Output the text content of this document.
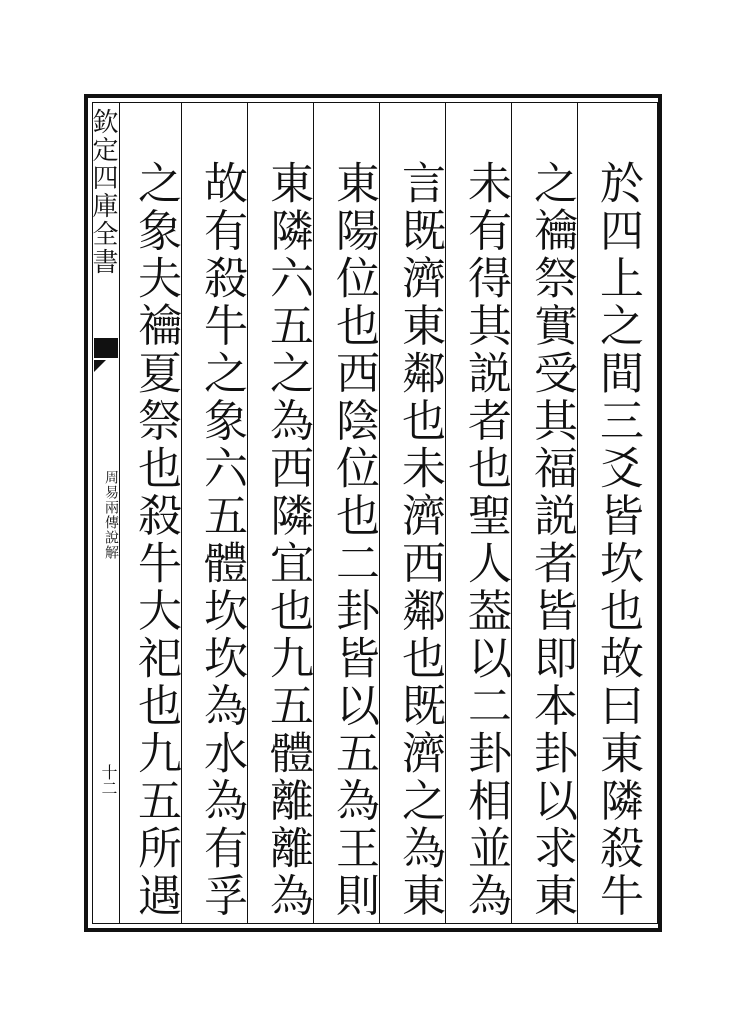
欽定四庫全書
周易兩傳說解
十二
於四上之間三爻皆坎也故曰東隣殺牛
之禴祭實受其福説者皆即本卦以求東
未有得其説者也聖人葢以二卦相並為
言既濟東鄰也未濟西鄰也既濟之為東
東陽位也西陰位也二卦皆以五為王則
東隣六五之為西隣宜也九五體離離為
故有殺牛之象六五體坎坎為水為有孚
之象夫禴夏祭也殺牛大祀也九五所遇
